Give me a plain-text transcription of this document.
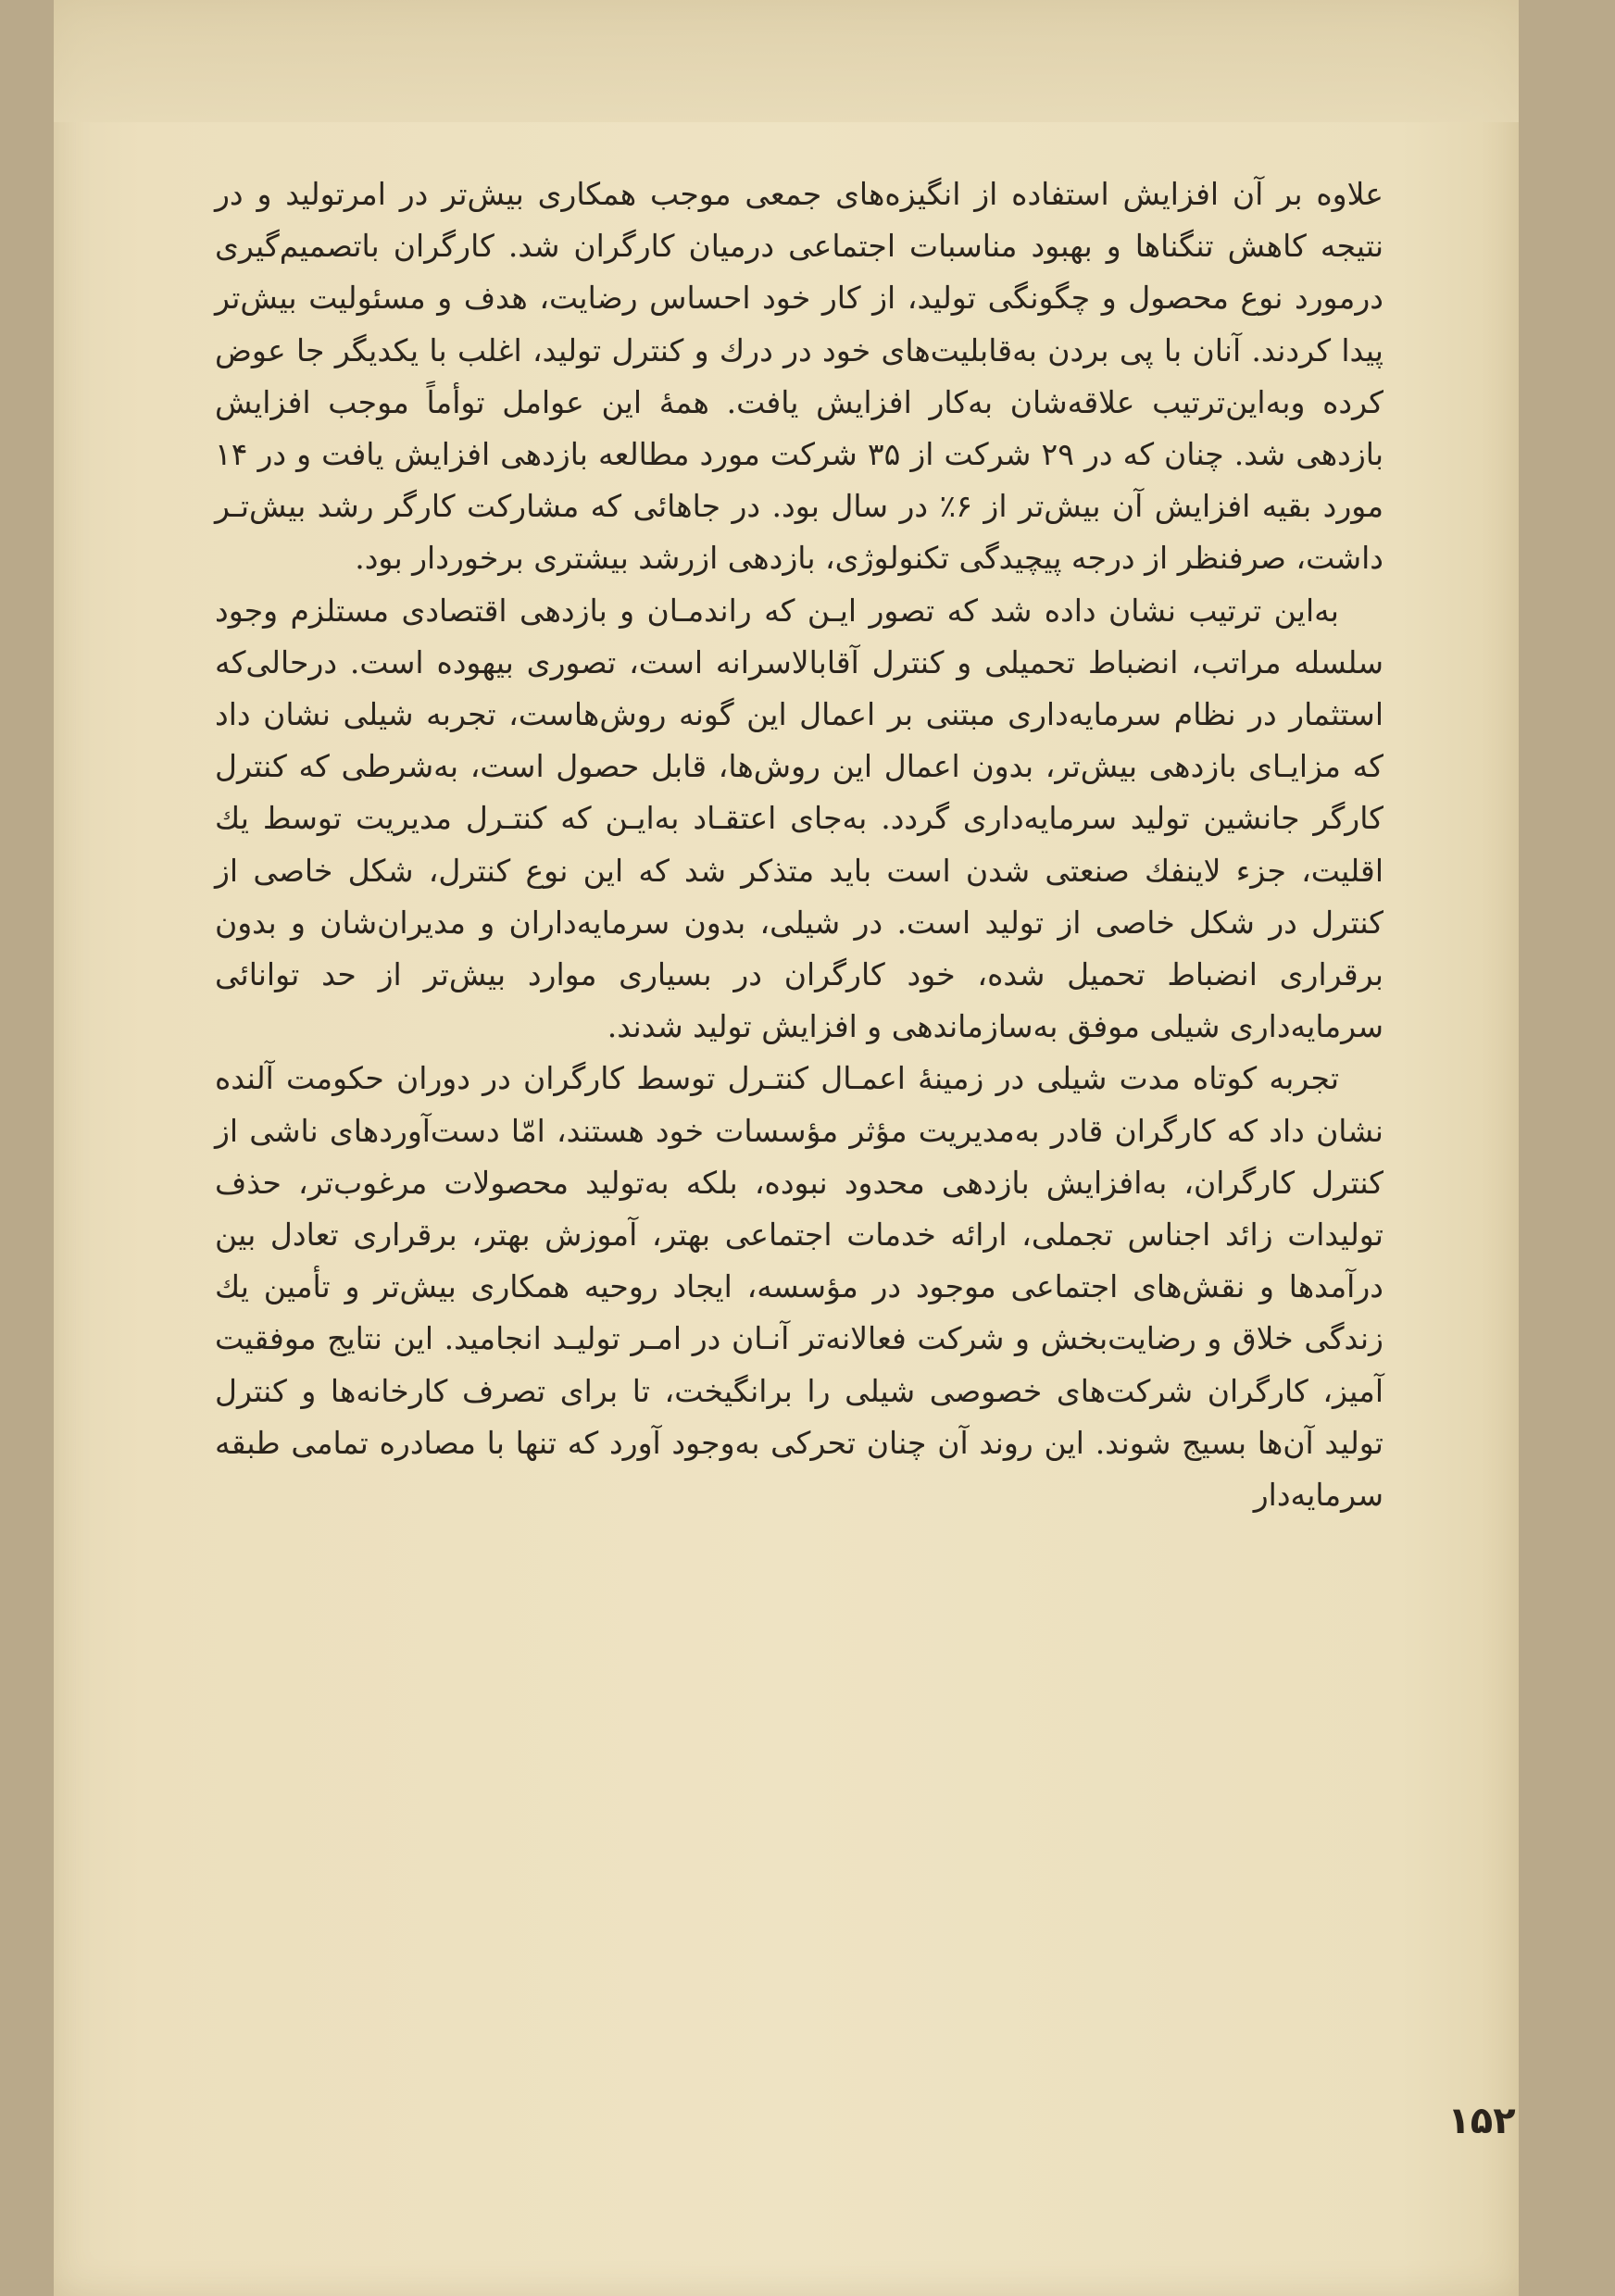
علاوه بر آن افزایش استفاده از انگیزه‌های جمعی موجب همکاری بیش‌تر در امرتولید و در نتیجه کاهش تنگناها و بهبود مناسبات اجتماعی درمیان کارگران شد. کارگران باتصمیم‌گیری درمورد نوع محصول و چگونگی تولید، از کار خود احساس رضایت، هدف و مسئولیت بیش‌تر پیدا کردند. آنان با پی بردن به‌قابلیت‌های خود در درك و کنترل تولید، اغلب با یکدیگر جا عوض کرده وبه‌این‌ترتیب علاقه‌شان به‌کار افزایش یافت. همهٔ این عوامل توأماً موجب افزایش بازدهی شد. چنان که در ۲۹ شرکت از ۳۵ شرکت مورد مطالعه بازدهی افزایش یافت و در ۱۴ مورد بقیه افزایش آن بیش‌تر از ۶٪ در سال بود. در جاهائی که مشارکت کارگر رشد بیش‌تـر داشت، صرفنظر از درجه پیچیدگی تکنولوژی، بازدهی ازرشد بیشتری برخوردار بود.

به‌این ترتیب نشان داده شد که تصور ایـن که راندمـان و بازدهی اقتصادی مستلزم وجود سلسله مراتب، انضباط تحمیلی و کنترل آقابالاسرانه است، تصوری بیهوده است. درحالی‌که استثمار در نظام سرمایه‌داری مبتنی بر اعمال این گونه روش‌هاست، تجربه شیلی نشان داد که مزایـای بازدهی بیش‌تر، بدون اعمال این روش‌ها، قابل حصول است، به‌شرطی که کنترل کارگر جانشین تولید سرمایه‌داری گردد. به‌جای اعتقـاد به‌ایـن که کنتـرل مدیریت توسط یك اقلیت، جزء لاینفك صنعتی شدن است باید متذکر شد که این نوع کنترل، شکل خاصی از کنترل در شکل خاصی از تولید است. در شیلی، بدون سرمایه‌داران و مدیران‌شان و بدون برقراری انضباط تحمیل شده، خود کارگران در بسیاری موارد بیش‌تر از حد توانائی سرمایه‌داری شیلی موفق به‌سازماندهی و افزایش تولید شدند.

تجربه کوتاه مدت شیلی در زمینهٔ اعمـال کنتـرل توسط کارگران در دوران حکومت آلنده نشان داد که کارگران قادر به‌مدیریت مؤثر مؤسسات خود هستند، امّا دست‌آوردهای ناشی از کنترل کارگران، به‌افزایش بازدهی محدود نبوده، بلکه به‌تولید محصولات مرغوب‌تر، حذف تولیدات زائد اجناس تجملی، ارائه خدمات اجتماعی بهتر، آموزش بهتر، برقراری تعادل بین درآمدها و نقش‌های اجتماعی موجود در مؤسسه، ایجاد روحیه همکاری بیش‌تر و تأمین یك زندگی خلاق و رضایت‌بخش و شرکت فعالانه‌تر آنـان در امـر تولیـد انجامید. این نتایج موفقیت آمیز، کارگران شرکت‌های خصوصی شیلی را برانگیخت، تا برای تصرف کارخانه‌ها و کنترل تولید آن‌ها بسیج شوند. این روند آن چنان تحرکی به‌وجود آورد که تنها با مصادره تمامی طبقه سرمایه‌دار

۱۵۲
